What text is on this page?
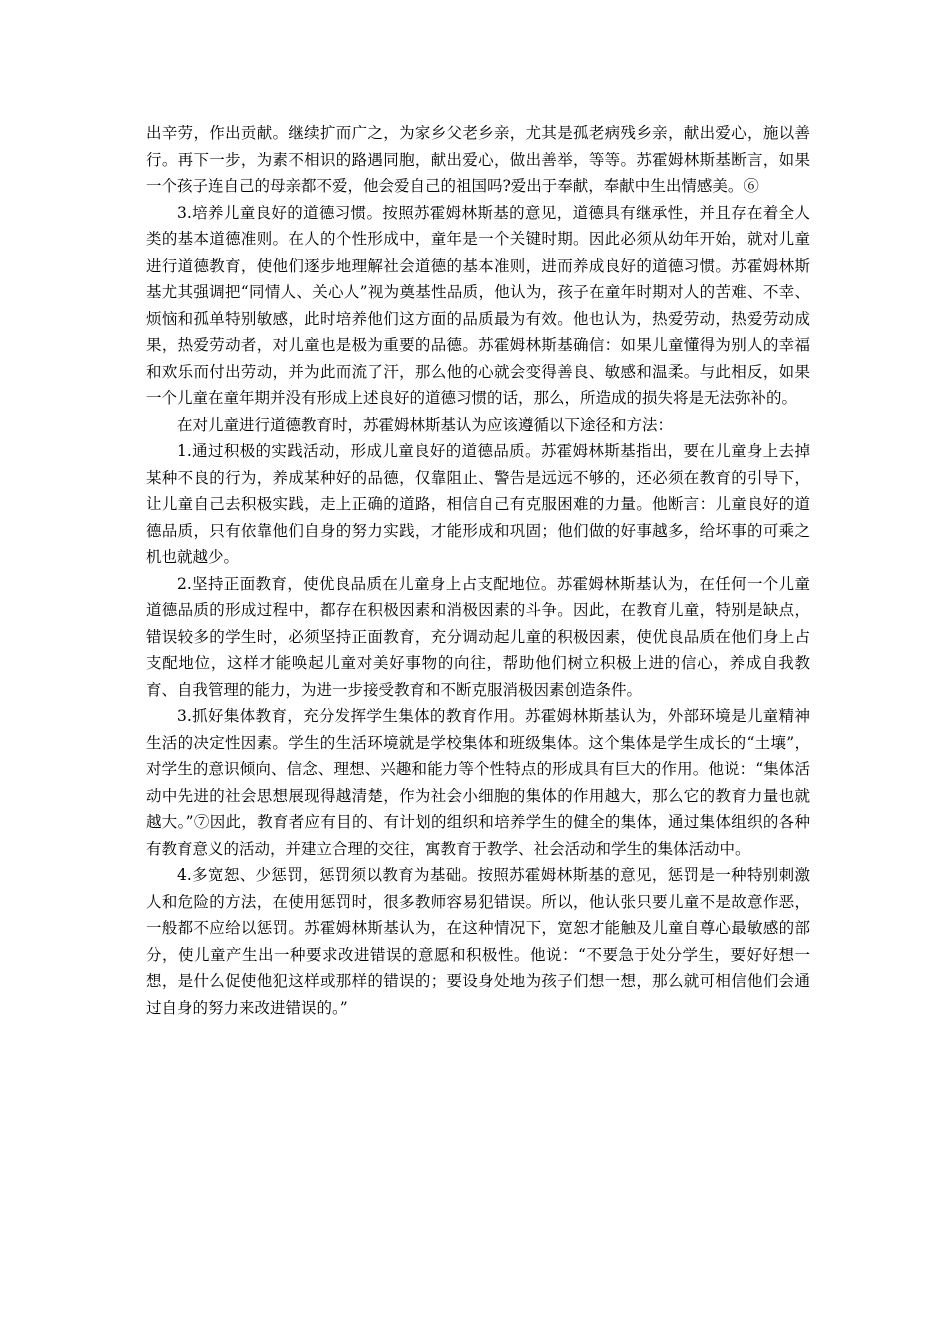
出辛劳，作出贡献。继续扩而广之，为家乡父老乡亲，尤其是孤老病残乡亲，献出爱心，施以善行。再下一步，为素不相识的路遇同胞，献出爱心，做出善举，等等。苏霍姆林斯基断言，如果一个孩子连自己的母亲都不爱，他会爱自己的祖国吗?爱出于奉献，奉献中生出情感美。⑥

3.培养儿童良好的道德习惯。按照苏霍姆林斯基的意见，道德具有继承性，并且存在着全人类的基本道德准则。在人的个性形成中，童年是一个关键时期。因此必须从幼年开始，就对儿童进行道德教育，使他们逐步地理解社会道德的基本准则，进而养成良好的道德习惯。苏霍姆林斯基尤其强调把“同情人、关心人”视为奠基性品质，他认为，孩子在童年时期对人的苦难、不幸、烦恼和孤单特别敏感，此时培养他们这方面的品质最为有效。他也认为，热爱劳动，热爱劳动成果，热爱劳动者，对儿童也是极为重要的品德。苏霍姆林斯基确信：如果儿童懂得为别人的幸福和欢乐而付出劳动，并为此而流了汗，那么他的心就会变得善良、敏感和温柔。与此相反，如果一个儿童在童年期并没有形成上述良好的道德习惯的话，那么，所造成的损失将是无法弥补的。

在对儿童进行道德教育时，苏霍姆林斯基认为应该遵循以下途径和方法：

1.通过积极的实践活动，形成儿童良好的道德品质。苏霍姆林斯基指出，要在儿童身上去掉某种不良的行为，养成某种好的品德，仅靠阻止、警告是远远不够的，还必须在教育的引导下，让儿童自己去积极实践，走上正确的道路，相信自己有克服困难的力量。他断言：儿童良好的道德品质，只有依靠他们自身的努力实践，才能形成和巩固；他们做的好事越多，给坏事的可乘之机也就越少。

2.坚持正面教育，使优良品质在儿童身上占支配地位。苏霍姆林斯基认为，在任何一个儿童道德品质的形成过程中，都存在积极因素和消极因素的斗争。因此，在教育儿童，特别是缺点，错误较多的学生时，必须坚持正面教育，充分调动起儿童的积极因素，使优良品质在他们身上占支配地位，这样才能唤起儿童对美好事物的向往，帮助他们树立积极上进的信心，养成自我教育、自我管理的能力，为进一步接受教育和不断克服消极因素创造条件。

3.抓好集体教育，充分发挥学生集体的教育作用。苏霍姆林斯基认为，外部环境是儿童精神生活的决定性因素。学生的生活环境就是学校集体和班级集体。这个集体是学生成长的“土壤”，对学生的意识倾向、信念、理想、兴趣和能力等个性特点的形成具有巨大的作用。他说：“集体活动中先进的社会思想展现得越清楚，作为社会小细胞的集体的作用越大，那么它的教育力量也就越大。”⑦因此，教育者应有目的、有计划的组织和培养学生的健全的集体，通过集体组织的各种有教育意义的活动，并建立合理的交往，寓教育于教学、社会活动和学生的集体活动中。

4.多宽恕、少惩罚，惩罚须以教育为基础。按照苏霍姆林斯基的意见，惩罚是一种特别刺激人和危险的方法，在使用惩罚时，很多教师容易犯错误。所以，他认张只要儿童不是故意作恶，一般都不应给以惩罚。苏霍姆林斯基认为，在这种情况下，宽恕才能触及儿童自尊心最敏感的部分，使儿童产生出一种要求改进错误的意愿和积极性。他说：“不要急于处分学生，要好好想一想，是什么促使他犯这样或那样的错误的；要设身处地为孩子们想一想，那么就可相信他们会通过自身的努力来改进错误的。”
